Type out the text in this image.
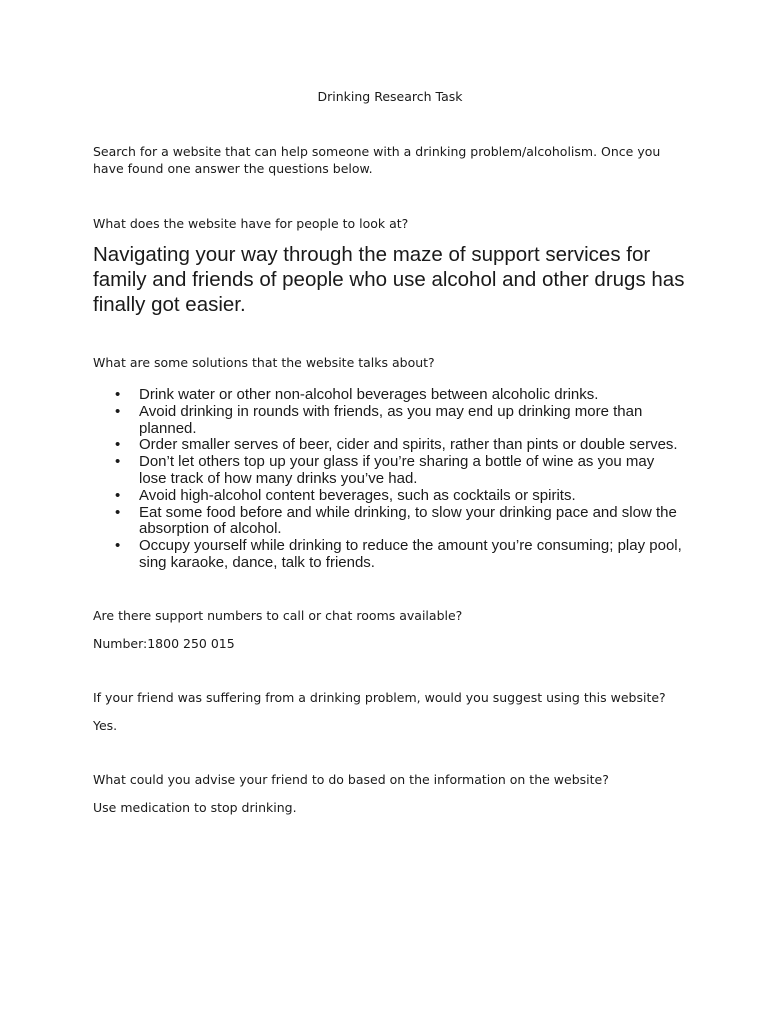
Drinking Research Task

Search for a website that can help someone with a drinking problem/alcoholism. Once you have found one answer the questions below.

What does the website have for people to look at?

Navigating your way through the maze of support services for family and friends of people who use alcohol and other drugs has finally got easier.

What are some solutions that the website talks about?

• Drink water or other non-alcohol beverages between alcoholic drinks.
• Avoid drinking in rounds with friends, as you may end up drinking more than planned.
• Order smaller serves of beer, cider and spirits, rather than pints or double serves.
• Don’t let others top up your glass if you’re sharing a bottle of wine as you may lose track of how many drinks you’ve had.
• Avoid high-alcohol content beverages, such as cocktails or spirits.
• Eat some food before and while drinking, to slow your drinking pace and slow the absorption of alcohol.
• Occupy yourself while drinking to reduce the amount you’re consuming; play pool, sing karaoke, dance, talk to friends.

Are there support numbers to call or chat rooms available?

Number:1800 250 015

If your friend was suffering from a drinking problem, would you suggest using this website?

Yes.

What could you advise your friend to do based on the information on the website?

Use medication to stop drinking.
